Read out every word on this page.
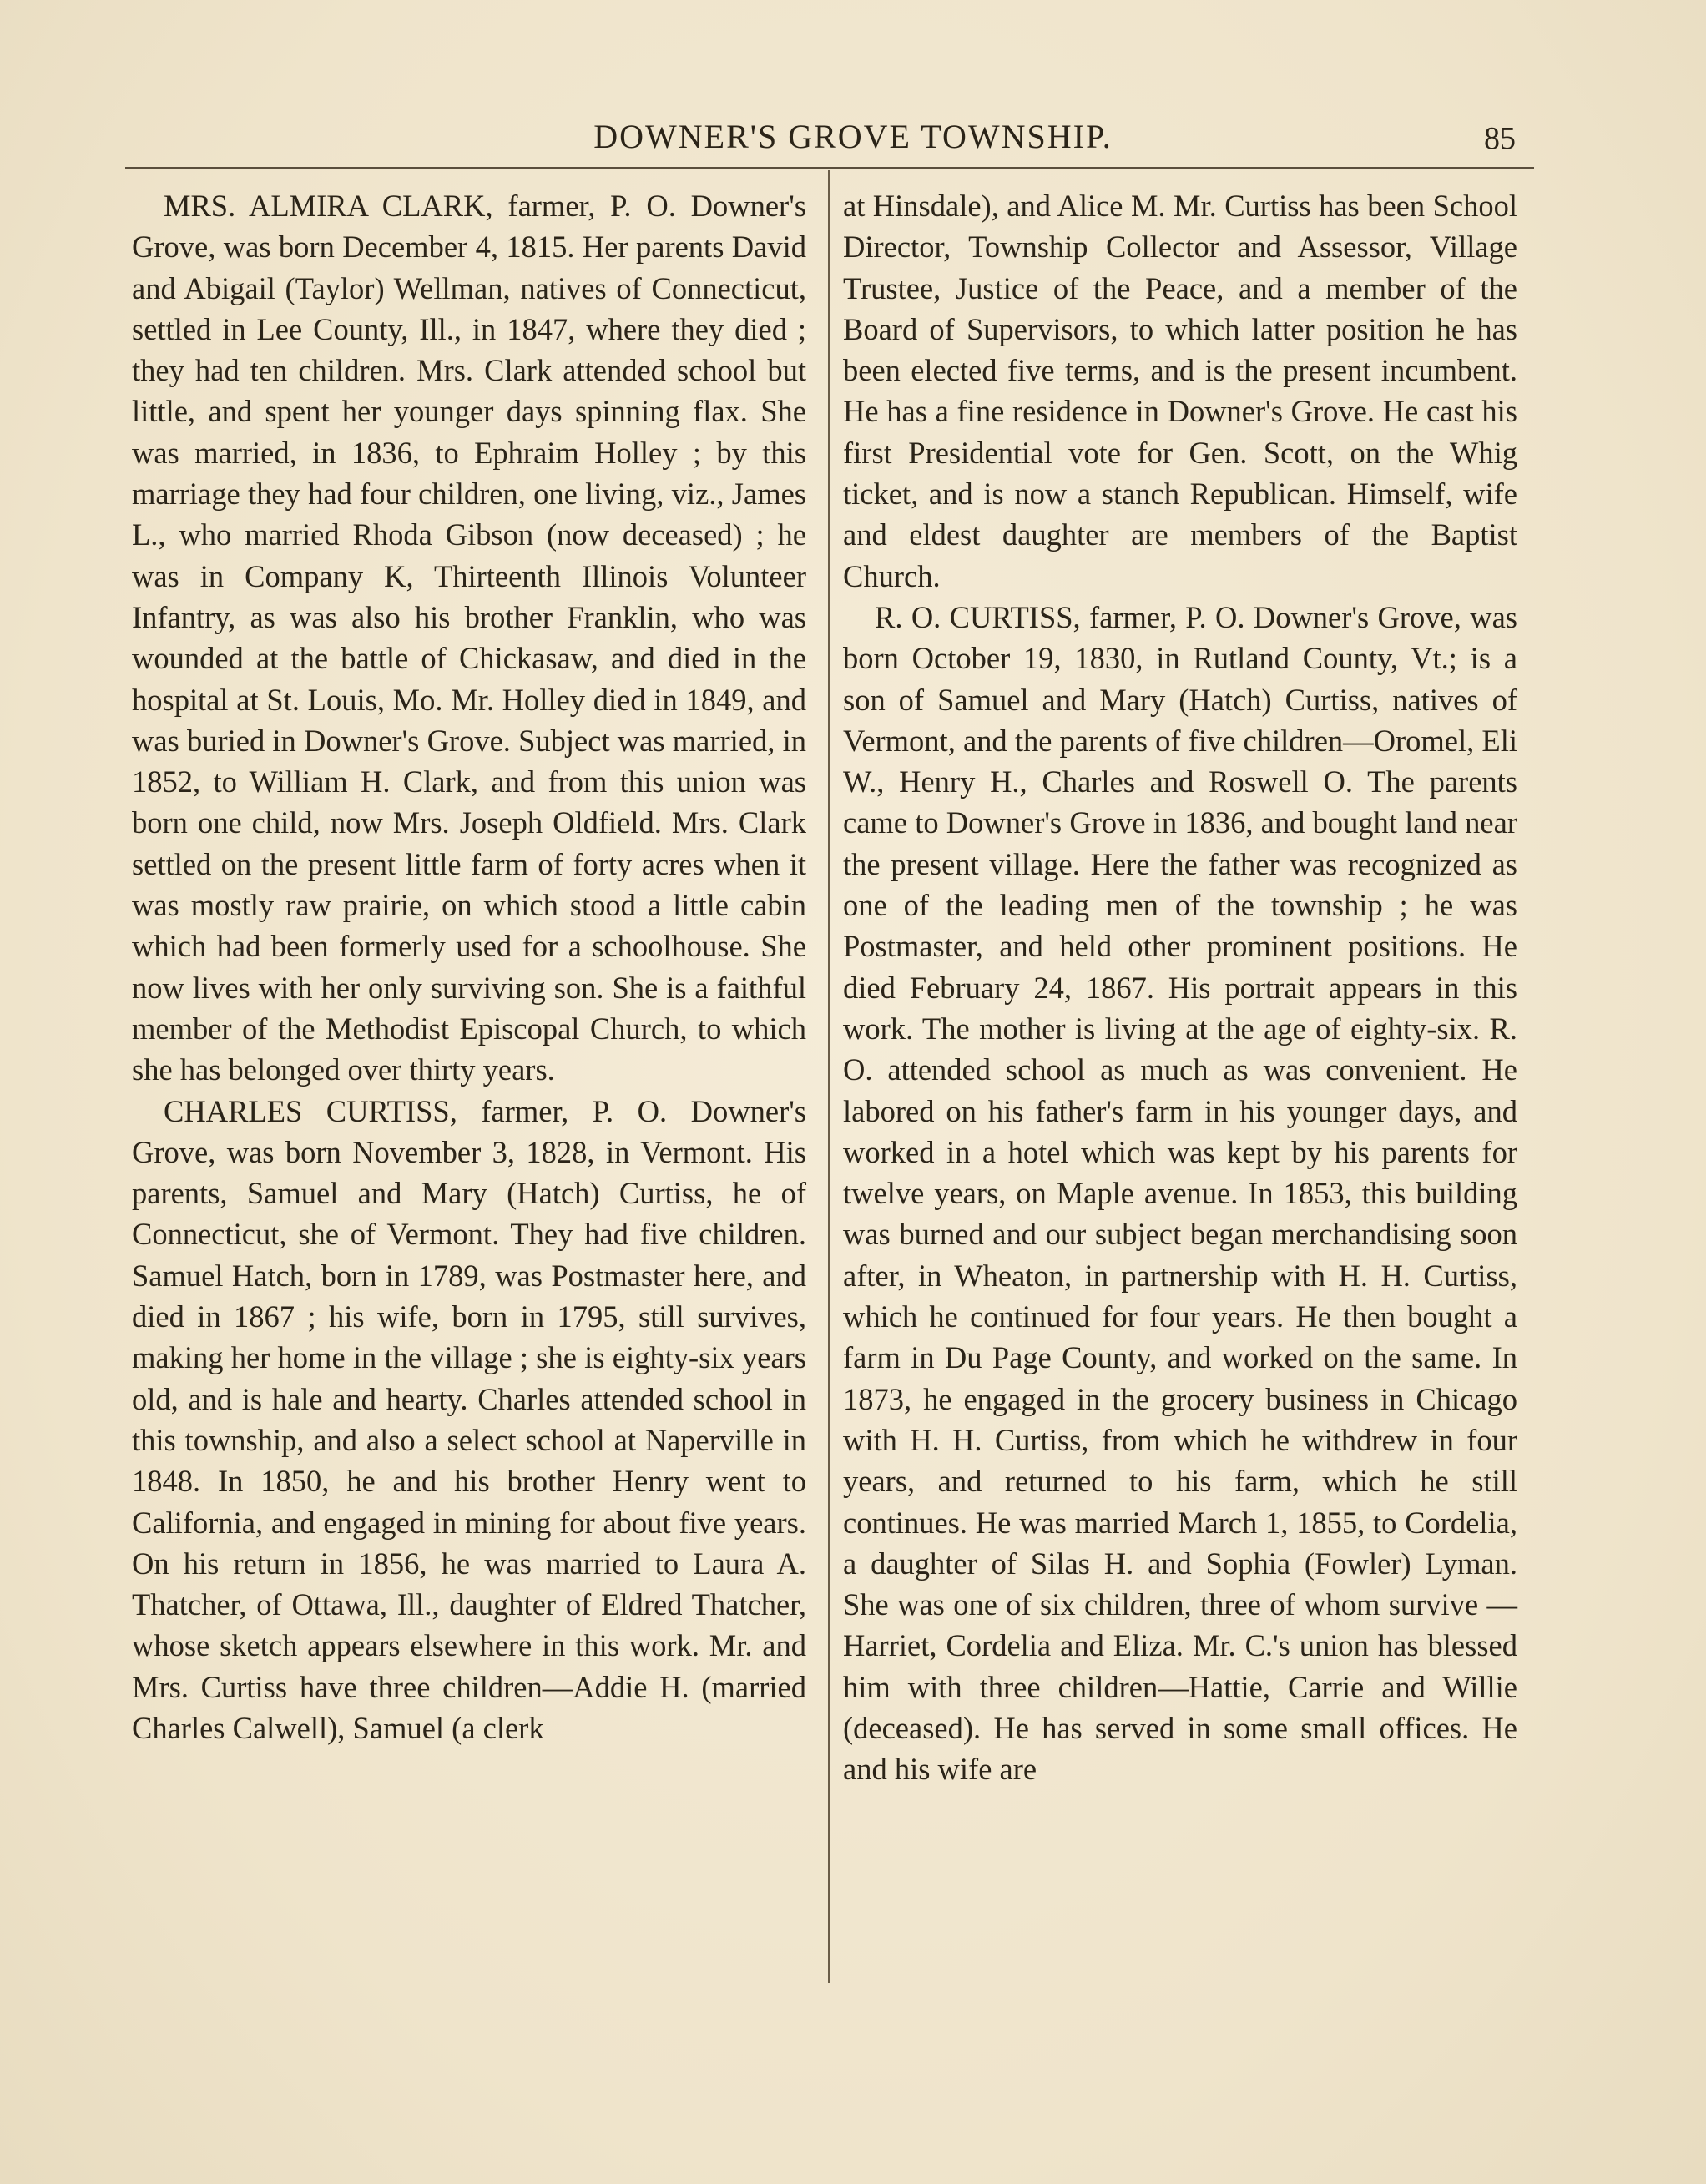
DOWNER'S GROVE TOWNSHIP.	85

MRS. ALMIRA CLARK, farmer, P. O. Downer's Grove, was born December 4, 1815. Her parents David and Abigail (Taylor) Wellman, natives of Connecticut, settled in Lee County, Ill., in 1847, where they died ; they had ten children. Mrs. Clark attended school but little, and spent her younger days spinning flax. She was married, in 1836, to Ephraim Holley ; by this marriage they had four children, one living, viz., James L., who married Rhoda Gibson (now deceased) ; he was in Company K, Thirteenth Illinois Volunteer Infantry, as was also his brother Franklin, who was wounded at the battle of Chickasaw, and died in the hospital at St. Louis, Mo. Mr. Holley died in 1849, and was buried in Downer's Grove. Subject was married, in 1852, to William H. Clark, and from this union was born one child, now Mrs. Joseph Oldfield. Mrs. Clark settled on the present little farm of forty acres when it was mostly raw prairie, on which stood a little cabin which had been formerly used for a schoolhouse. She now lives with her only surviving son. She is a faithful member of the Methodist Episcopal Church, to which she has belonged over thirty years.

CHARLES CURTISS, farmer, P. O. Downer's Grove, was born November 3, 1828, in Vermont. His parents, Samuel and Mary (Hatch) Curtiss, he of Connecticut, she of Vermont. They had five children. Samuel Hatch, born in 1789, was Postmaster here, and died in 1867 ; his wife, born in 1795, still survives, making her home in the village ; she is eighty-six years old, and is hale and hearty. Charles attended school in this township, and also a select school at Naperville in 1848. In 1850, he and his brother Henry went to California, and engaged in mining for about five years. On his return in 1856, he was married to Laura A. Thatcher, of Ottawa, Ill., daughter of Eldred Thatcher, whose sketch appears elsewhere in this work. Mr. and Mrs. Curtiss have three children—Addie H. (married Charles Calwell), Samuel (a clerk

at Hinsdale), and Alice M. Mr. Curtiss has been School Director, Township Collector and Assessor, Village Trustee, Justice of the Peace, and a member of the Board of Supervisors, to which latter position he has been elected five terms, and is the present incumbent. He has a fine residence in Downer's Grove. He cast his first Presidential vote for Gen. Scott, on the Whig ticket, and is now a stanch Republican. Himself, wife and eldest daughter are members of the Baptist Church.

R. O. CURTISS, farmer, P. O. Downer's Grove, was born October 19, 1830, in Rutland County, Vt.; is a son of Samuel and Mary (Hatch) Curtiss, natives of Vermont, and the parents of five children—Oromel, Eli W., Henry H., Charles and Roswell O. The parents came to Downer's Grove in 1836, and bought land near the present village. Here the father was recognized as one of the leading men of the township ; he was Postmaster, and held other prominent positions. He died February 24, 1867. His portrait appears in this work. The mother is living at the age of eighty-six. R. O. attended school as much as was convenient. He labored on his father's farm in his younger days, and worked in a hotel which was kept by his parents for twelve years, on Maple avenue. In 1853, this building was burned and our subject began merchandising soon after, in Wheaton, in partnership with H. H. Curtiss, which he continued for four years. He then bought a farm in Du Page County, and worked on the same. In 1873, he engaged in the grocery business in Chicago with H. H. Curtiss, from which he withdrew in four years, and returned to his farm, which he still continues. He was married March 1, 1855, to Cordelia, a daughter of Silas H. and Sophia (Fowler) Lyman. She was one of six children, three of whom survive —Harriet, Cordelia and Eliza. Mr. C.'s union has blessed him with three children—Hattie, Carrie and Willie (deceased). He has served in some small offices. He and his wife are
